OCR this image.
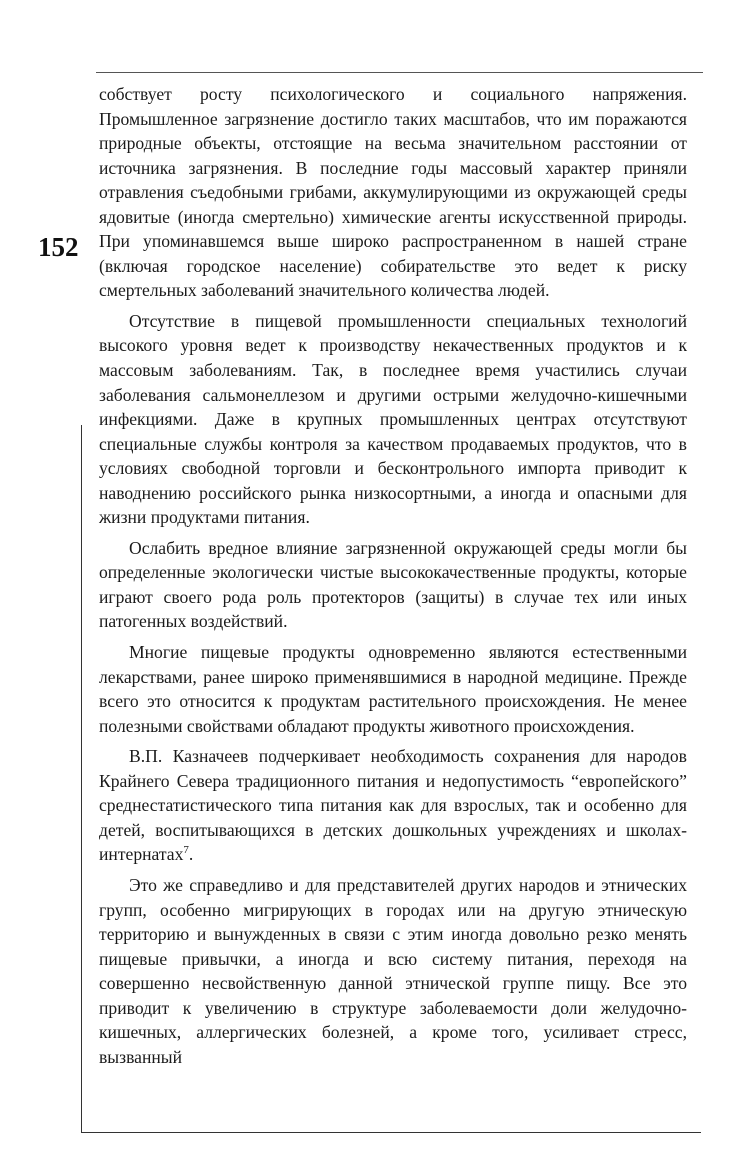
152

собствует росту психологического и социального напряжения. Промышленное загрязнение достигло таких масштабов, что им поражаются природные объекты, отстоящие на весьма значительном расстоянии от источника загрязнения. В последние годы массовый характер приняли отравления съедобными грибами, аккумулирующими из окружающей среды ядовитые (иногда смертельно) химические агенты искусственной природы. При упоминавшемся выше широко распространенном в нашей стране (включая городское население) собирательстве это ведет к риску смертельных заболеваний значительного количества людей.

Отсутствие в пищевой промышленности специальных технологий высокого уровня ведет к производству некачественных продуктов и к массовым заболеваниям. Так, в последнее время участились случаи заболевания сальмонеллезом и другими острыми желудочно-кишечными инфекциями. Даже в крупных промышленных центрах отсутствуют специальные службы контроля за качеством продаваемых продуктов, что в условиях свободной торговли и бесконтрольного импорта приводит к наводнению российского рынка низкосортными, а иногда и опасными для жизни продуктами питания.

Ослабить вредное влияние загрязненной окружающей среды могли бы определенные экологически чистые высококачественные продукты, которые играют своего рода роль протекторов (защиты) в случае тех или иных патогенных воздействий.

Многие пищевые продукты одновременно являются естественными лекарствами, ранее широко применявшимися в народной медицине. Прежде всего это относится к продуктам растительного происхождения. Не менее полезными свойствами обладают продукты животного происхождения.

В.П. Казначеев подчеркивает необходимость сохранения для народов Крайнего Севера традиционного питания и недопустимость “европейского” среднестатистического типа питания как для взрослых, так и особенно для детей, воспитывающихся в детских дошкольных учреждениях и школах-интернатах$^7$.

Это же справедливо и для представителей других народов и этнических групп, особенно мигрирующих в городах или на другую этническую территорию и вынужденных в связи с этим иногда довольно резко менять пищевые привычки, а иногда и всю систему питания, переходя на совершенно несвойственную данной этнической группе пищу. Все это приводит к увеличению в структуре заболеваемости доли желудочно-кишечных, аллергических болезней, а кроме того, усиливает стресс, вызванный
